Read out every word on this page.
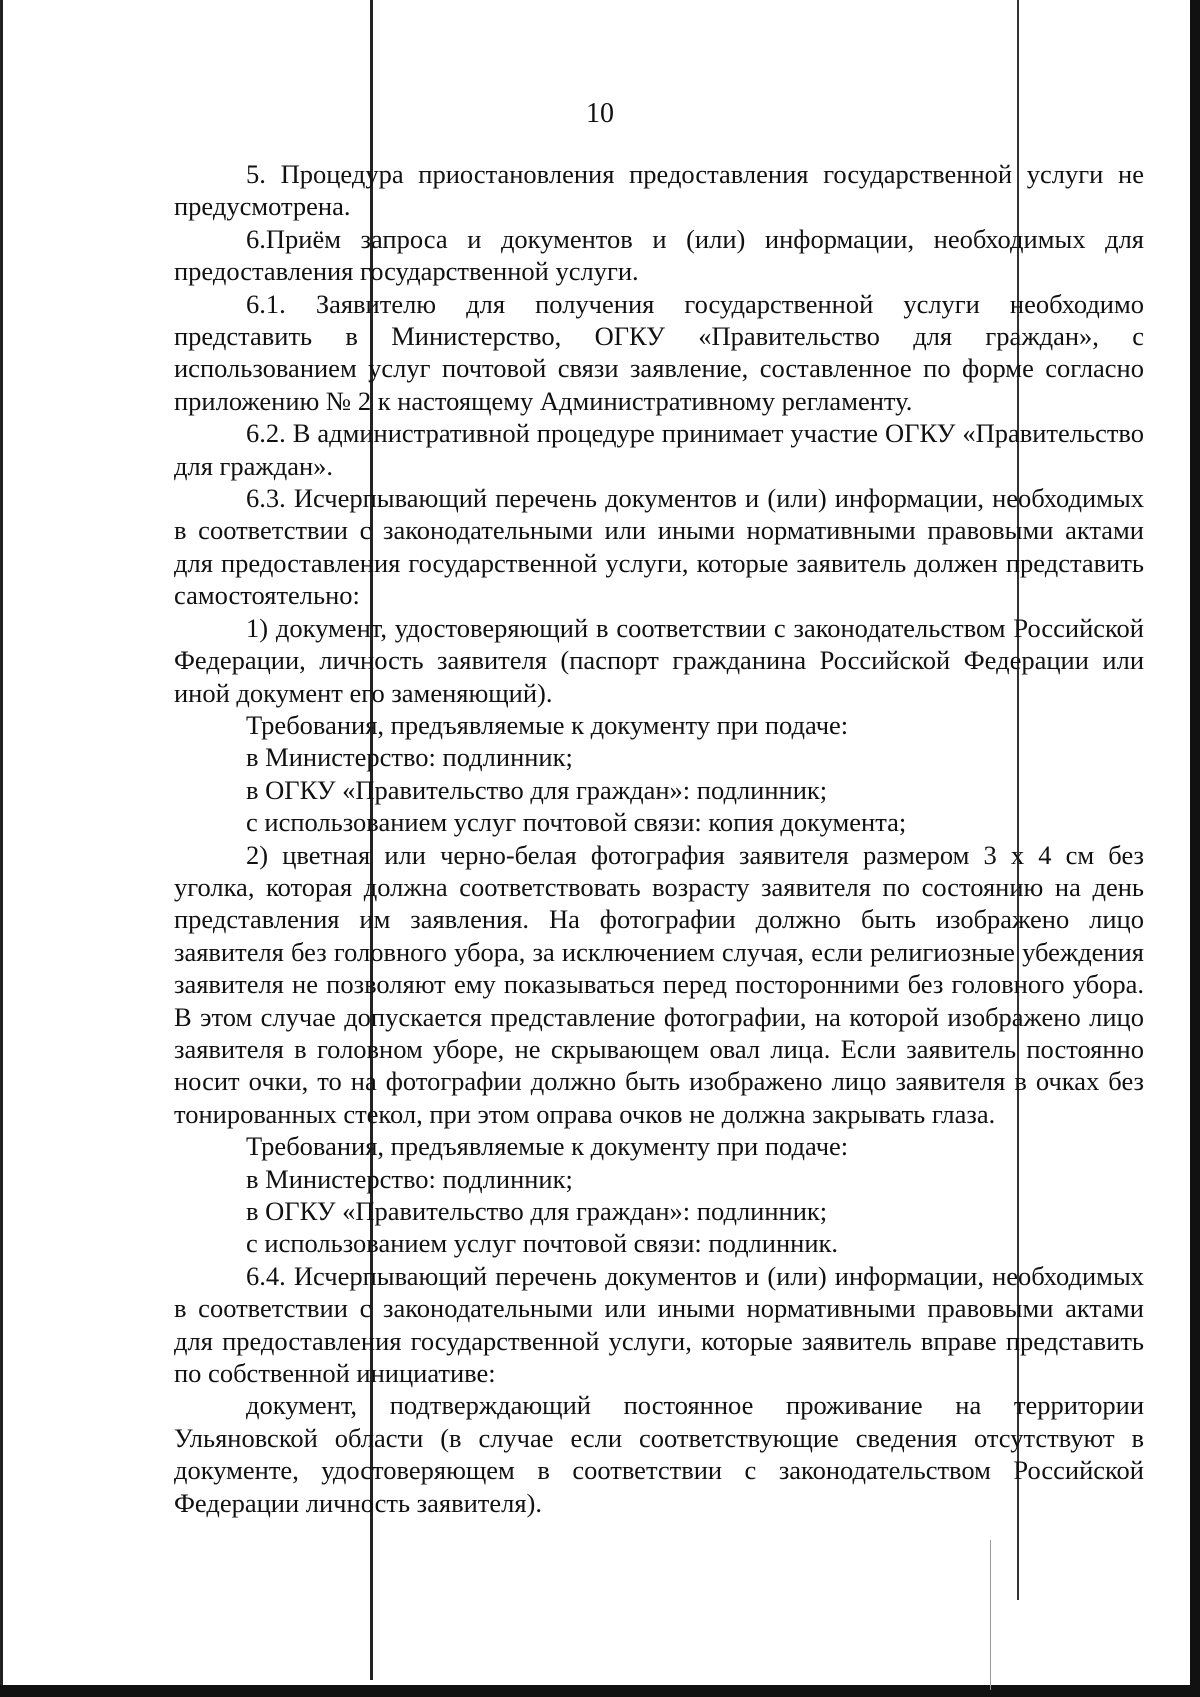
10

5. Процедура приостановления предоставления государственной услуги не предусмотрена.

6.Приём запроса и документов и (или) информации, необходимых для предоставления государственной услуги.

6.1. Заявителю для получения государственной услуги необходимо представить в Министерство, ОГКУ «Правительство для граждан», с использованием услуг почтовой связи заявление, составленное по форме согласно приложению № 2 к настоящему Административному регламенту.

6.2. В административной процедуре принимает участие ОГКУ «Правительство для граждан».

6.3. Исчерпывающий перечень документов и (или) информации, необходимых в соответствии с законодательными или иными нормативными правовыми актами для предоставления государственной услуги, которые заявитель должен представить самостоятельно:

1) документ, удостоверяющий в соответствии с законодательством Российской Федерации, личность заявителя (паспорт гражданина Российской Федерации или иной документ его заменяющий).

Требования, предъявляемые к документу при подаче:

в Министерство: подлинник;

в ОГКУ «Правительство для граждан»: подлинник;

с использованием услуг почтовой связи: копия документа;

2) цветная или черно-белая фотография заявителя размером 3 х 4 см без уголка, которая должна соответствовать возрасту заявителя по состоянию на день представления им заявления. На фотографии должно быть изображено лицо заявителя без головного убора, за исключением случая, если религиозные убеждения заявителя не позволяют ему показываться перед посторонними без головного убора. В этом случае допускается представление фотографии, на которой изображено лицо заявителя в головном уборе, не скрывающем овал лица. Если заявитель постоянно носит очки, то на фотографии должно быть изображено лицо заявителя в очках без тонированных стекол, при этом оправа очков не должна закрывать глаза.

Требования, предъявляемые к документу при подаче:

в Министерство: подлинник;

в ОГКУ «Правительство для граждан»: подлинник;

с использованием услуг почтовой связи: подлинник.

6.4. Исчерпывающий перечень документов и (или) информации, необходимых в соответствии с законодательными или иными нормативными правовыми актами для предоставления государственной услуги, которые заявитель вправе представить по собственной инициативе:

документ, подтверждающий постоянное проживание на территории Ульяновской области (в случае если соответствующие сведения отсутствуют в документе, удостоверяющем в соответствии с законодательством Российской Федерации личность заявителя).
